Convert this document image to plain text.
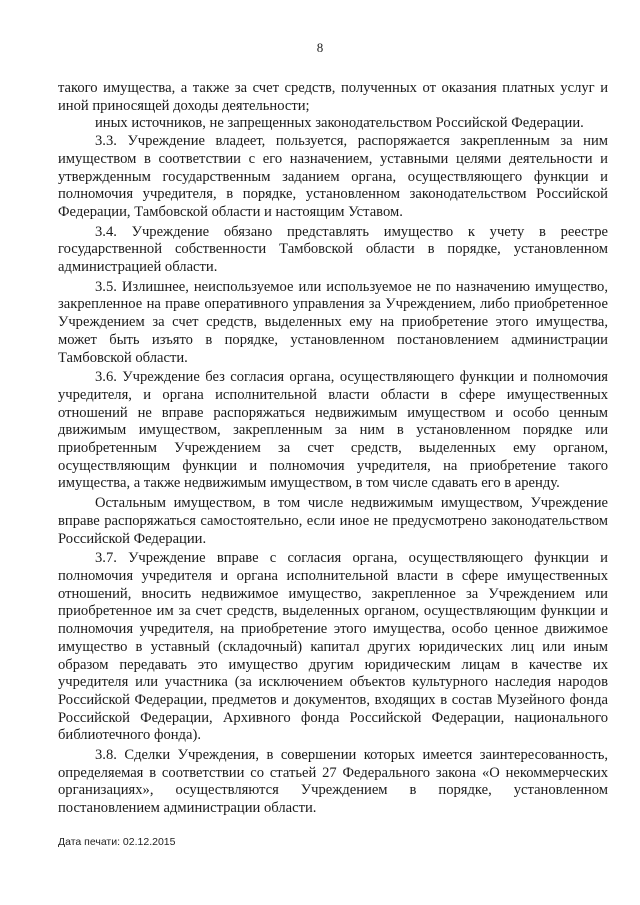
8

такого имущества, а также за счет средств, полученных от оказания платных услуг и иной приносящей доходы деятельности;

иных источников, не запрещенных законодательством Российской Федерации.

3.3. Учреждение владеет, пользуется, распоряжается закрепленным за ним имуществом в соответствии с его назначением, уставными целями деятельности и утвержденным государственным заданием органа, осуществляющего функции и полномочия учредителя, в порядке, установленном законодательством Российской Федерации, Тамбовской области и настоящим Уставом.

3.4. Учреждение обязано представлять имущество к учету в реестре государственной собственности Тамбовской области в порядке, установленном администрацией области.

3.5. Излишнее, неиспользуемое или используемое не по назначению имущество, закрепленное на праве оперативного управления за Учреждением, либо приобретенное Учреждением за счет средств, выделенных ему на приобретение этого имущества, может быть изъято в порядке, установленном постановлением администрации Тамбовской области.

3.6. Учреждение без согласия органа, осуществляющего функции и полномочия учредителя, и органа исполнительной власти области в сфере имущественных отношений не вправе распоряжаться недвижимым имуществом и особо ценным движимым имуществом, закрепленным за ним в установленном порядке или приобретенным Учреждением за счет средств, выделенных ему органом, осуществляющим функции и полномочия учредителя, на приобретение такого имущества, а также недвижимым имуществом, в том числе сдавать его в аренду.

Остальным имуществом, в том числе недвижимым имуществом, Учреждение вправе распоряжаться самостоятельно, если иное не предусмотрено законодательством Российской Федерации.

3.7. Учреждение вправе с согласия органа, осуществляющего функции и полномочия учредителя и органа исполнительной власти в сфере имущественных отношений, вносить недвижимое имущество, закрепленное за Учреждением или приобретенное им за счет средств, выделенных органом, осуществляющим функции и полномочия учредителя, на приобретение этого имущества, особо ценное движимое имущество в уставный (складочный) капитал других юридических лиц или иным образом передавать это имущество другим юридическим лицам в качестве их учредителя или участника (за исключением объектов культурного наследия народов Российской Федерации, предметов и документов, входящих в состав Музейного фонда Российской Федерации, Архивного фонда Российской Федерации, национального библиотечного фонда).

3.8. Сделки Учреждения, в совершении которых имеется заинтересованность, определяемая в соответствии со статьей 27 Федерального закона «О некоммерческих организациях», осуществляются Учреждением в порядке, установленном постановлением администрации области.

Дата печати: 02.12.2015
